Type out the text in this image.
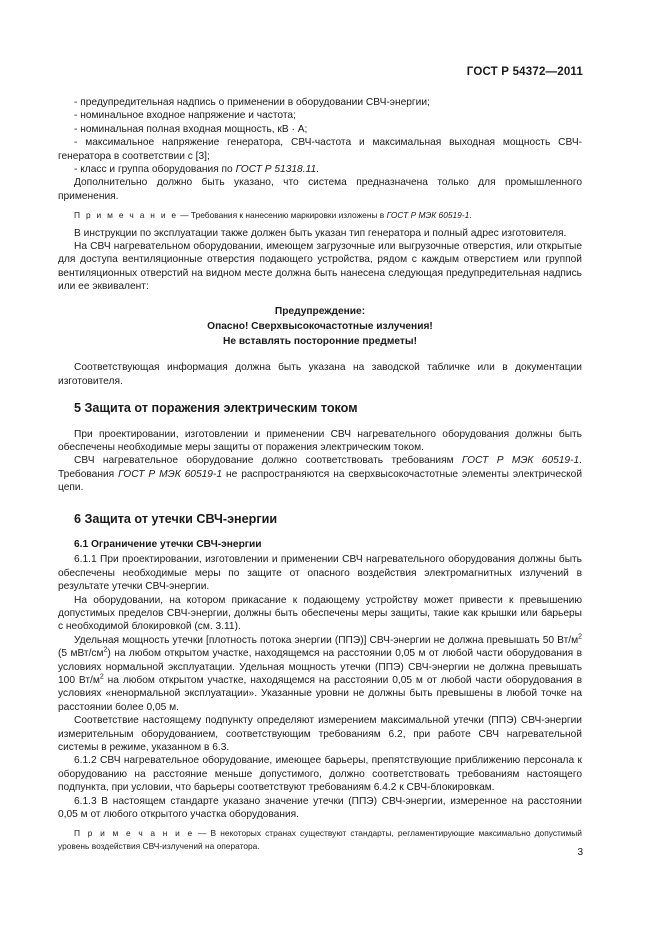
ГОСТ Р 54372—2011

- предупредительная надпись о применении в оборудовании СВЧ-энергии;

- номинальное входное напряжение и частота;

- номинальная полная входная мощность, кВ · А;

- максимальное напряжение генератора, СВЧ-частота и максимальная выходная мощность СВЧ-генератора в соответствии с [3];

- класс и группа оборудования по ГОСТ Р 51318.11.

Дополнительно должно быть указано, что система предназначена только для промышленного применения.

П р и м е ч а н и е — Требования к нанесению маркировки изложены в ГОСТ Р МЭК 60519-1.

В инструкции по эксплуатации также должен быть указан тип генератора и полный адрес изготовителя.

На СВЧ нагревательном оборудовании, имеющем загрузочные или выгрузочные отверстия, или открытые для доступа вентиляционные отверстия подающего устройства, рядом с каждым отверстием или группой вентиляционных отверстий на видном месте должна быть нанесена следующая предупредительная надпись или ее эквивалент:

Предупреждение:
Опасно! Сверхвысокочастотные излучения!
Не вставлять посторонние предметы!

Соответствующая информация должна быть указана на заводской табличке или в документации изготовителя.

5 Защита от поражения электрическим током

При проектировании, изготовлении и применении СВЧ нагревательного оборудования должны быть обеспечены необходимые меры защиты от поражения электрическим током.

СВЧ нагревательное оборудование должно соответствовать требованиям ГОСТ Р МЭК 60519-1. Требования ГОСТ Р МЭК 60519-1 не распространяются на сверхвысокочастотные элементы электрической цепи.

6 Защита от утечки СВЧ-энергии
6.1 Ограничение утечки СВЧ-энергии

6.1.1 При проектировании, изготовлении и применении СВЧ нагревательного оборудования должны быть обеспечены необходимые меры по защите от опасного воздействия электромагнитных излучений в результате утечки СВЧ-энергии.

На оборудовании, на котором прикасание к подающему устройству может привести к превышению допустимых пределов СВЧ-энергии, должны быть обеспечены меры защиты, такие как крышки или барьеры с необходимой блокировкой (см. 3.11).

Удельная мощность утечки [плотность потока энергии (ППЭ)] СВЧ-энергии не должна превышать 50 $Вт/м^2$ (5 мВт/$см^2$) на любом открытом участке, находящемся на расстоянии 0,05 м от любой части оборудования в условиях нормальной эксплуатации. Удельная мощность утечки (ППЭ) СВЧ-энергии не должна превышать 100 $Вт/м^2$ на любом открытом участке, находящемся на расстоянии 0,05 м от любой части оборудования в условиях «ненормальной эксплуатации». Указанные уровни не должны быть превышены в любой точке на расстоянии более 0,05 м.

Соответствие настоящему подпункту определяют измерением максимальной утечки (ППЭ) СВЧ-энергии измерительным оборудованием, соответствующим требованиям 6.2, при работе СВЧ нагревательной системы в режиме, указанном в 6.3.

6.1.2 СВЧ нагревательное оборудование, имеющее барьеры, препятствующие приближению персонала к оборудованию на расстояние меньше допустимого, должно соответствовать требованиям настоящего подпункта, при условии, что барьеры соответствуют требованиям 6.4.2 к СВЧ-блокировкам.

6.1.3 В настоящем стандарте указано значение утечки (ППЭ) СВЧ-энергии, измеренное на расстоянии 0,05 м от любого открытого участка оборудования.

П р и м е ч а н и е — В некоторых странах существуют стандарты, регламентирующие максимально допустимый уровень воздействия СВЧ-излучений на оператора.

3
